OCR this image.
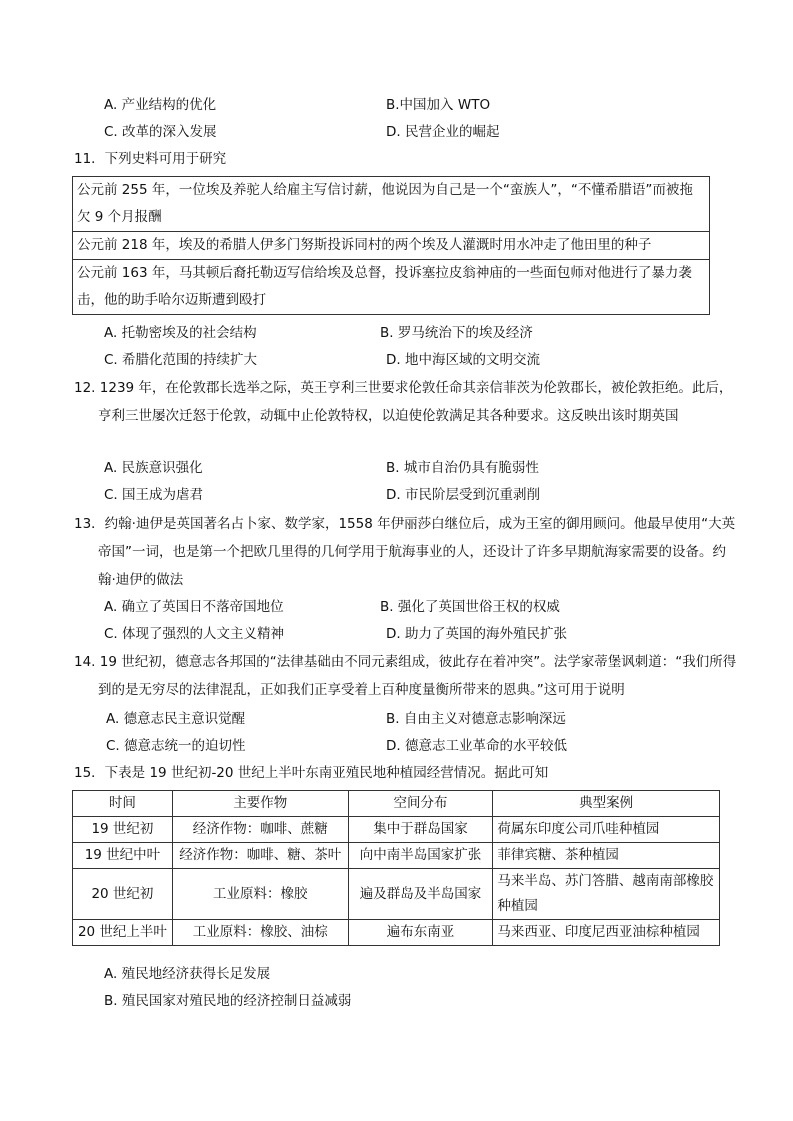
A. 产业结构的优化	B.中国加入 WTO
C. 改革的深入发展	D. 民营企业的崛起
11．下列史料可用于研究
公元前 255 年，一位埃及养驼人给雇主写信讨薪，他说因为自己是一个“蛮族人”，“不懂希腊语”而被拖欠 9 个月报酬
公元前 218 年，埃及的希腊人伊多门努斯投诉同村的两个埃及人灌溉时用水冲走了他田里的种子
公元前 163 年，马其顿后裔托勒迈写信给埃及总督，投诉塞拉皮翁神庙的一些面包师对他进行了暴力袭击，他的助手哈尔迈斯遭到殴打
A. 托勒密埃及的社会结构	B. 罗马统治下的埃及经济
C. 希腊化范围的持续扩大	D. 地中海区域的文明交流
12. 1239 年，在伦敦郡长选举之际，英王亨利三世要求伦敦任命其亲信菲茨为伦敦郡长，被伦敦拒绝。此后，亨利三世屡次迁怒于伦敦，动辄中止伦敦特权，以迫使伦敦满足其各种要求。这反映出该时期英国
A. 民族意识强化	B. 城市自治仍具有脆弱性
C. 国王成为虐君	D. 市民阶层受到沉重剥削
13．约翰·迪伊是英国著名占卜家、数学家，1558 年伊丽莎白继位后，成为王室的御用顾问。他最早使用“大英帝国”一词，也是第一个把欧几里得的几何学用于航海事业的人，还设计了许多早期航海家需要的设备。约翰·迪伊的做法
A. 确立了英国日不落帝国地位	B. 强化了英国世俗王权的权威
C. 体现了强烈的人文主义精神	D. 助力了英国的海外殖民扩张
14. 19 世纪初，德意志各邦国的“法律基础由不同元素组成，彼此存在着冲突”。法学家蒂堡讽刺道：“我们所得到的是无穷尽的法律混乱，正如我们正享受着上百种度量衡所带来的恩典。”这可用于说明
A. 德意志民主意识觉醒	B. 自由主义对德意志影响深远
C. 德意志统一的迫切性	D. 德意志工业革命的水平较低
15．下表是 19 世纪初-20 世纪上半叶东南亚殖民地种植园经营情况。据此可知
时间	主要作物	空间分布	典型案例
19 世纪初	经济作物：咖啡、蔗糖	集中于群岛国家	荷属东印度公司爪哇种植园
19 世纪中叶	经济作物：咖啡、糖、茶叶	向中南半岛国家扩张	菲律宾糖、茶种植园
20 世纪初	工业原料：橡胶	遍及群岛及半岛国家	马来半岛、苏门答腊、越南南部橡胶种植园
20 世纪上半叶	工业原料：橡胶、油棕	遍布东南亚	马来西亚、印度尼西亚油棕种植园
A. 殖民地经济获得长足发展
B. 殖民国家对殖民地的经济控制日益减弱
